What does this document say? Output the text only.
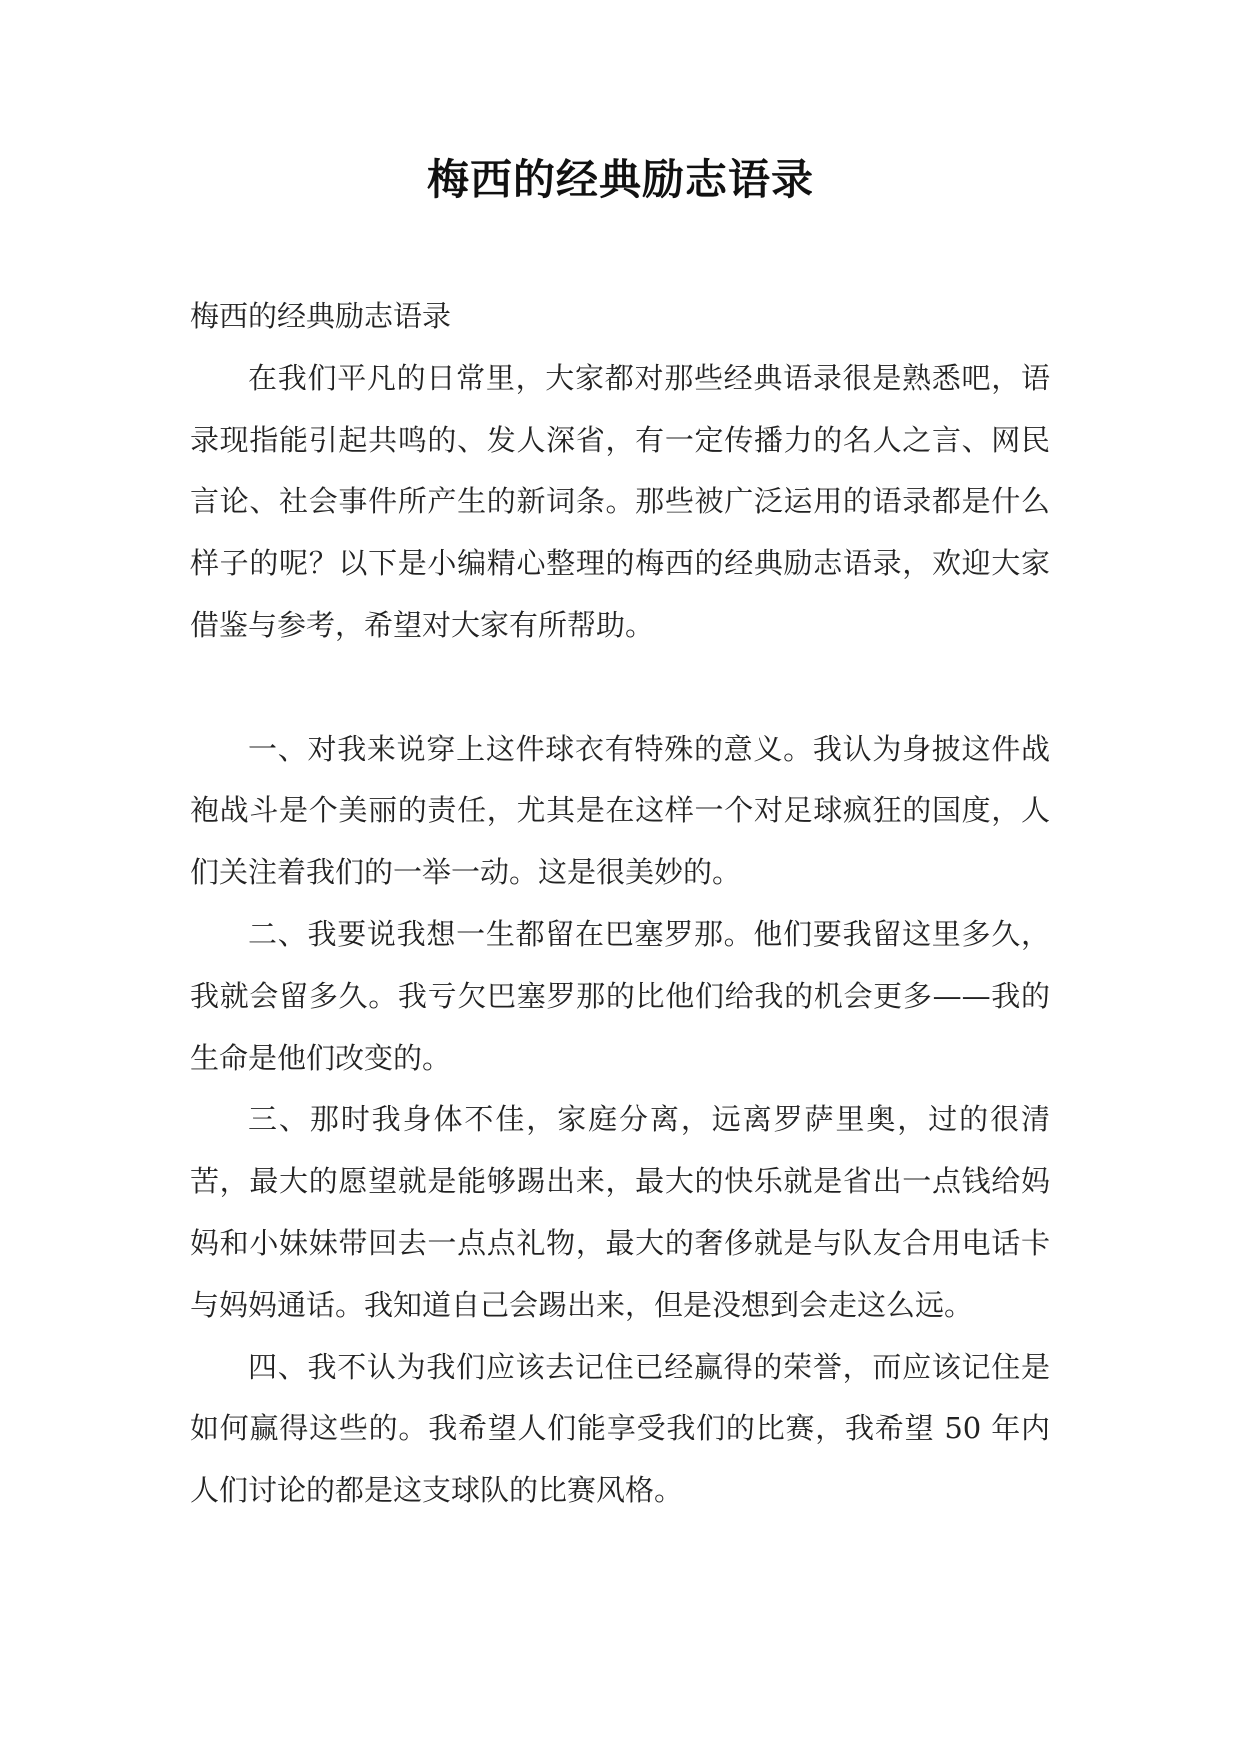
梅西的经典励志语录

梅西的经典励志语录

在我们平凡的日常里，大家都对那些经典语录很是熟悉吧，语录现指能引起共鸣的、发人深省，有一定传播力的名人之言、网民言论、社会事件所产生的新词条。那些被广泛运用的语录都是什么样子的呢？以下是小编精心整理的梅西的经典励志语录，欢迎大家借鉴与参考，希望对大家有所帮助。

一、对我来说穿上这件球衣有特殊的意义。我认为身披这件战袍战斗是个美丽的责任，尤其是在这样一个对足球疯狂的国度，人们关注着我们的一举一动。这是很美妙的。

二、我要说我想一生都留在巴塞罗那。他们要我留这里多久，我就会留多久。我亏欠巴塞罗那的比他们给我的机会更多——我的生命是他们改变的。

三、那时我身体不佳，家庭分离，远离罗萨里奥，过的很清苦，最大的愿望就是能够踢出来，最大的快乐就是省出一点钱给妈妈和小妹妹带回去一点点礼物，最大的奢侈就是与队友合用电话卡与妈妈通话。我知道自己会踢出来，但是没想到会走这么远。

四、我不认为我们应该去记住已经赢得的荣誉，而应该记住是如何赢得这些的。我希望人们能享受我们的比赛，我希望 50 年内人们讨论的都是这支球队的比赛风格。
